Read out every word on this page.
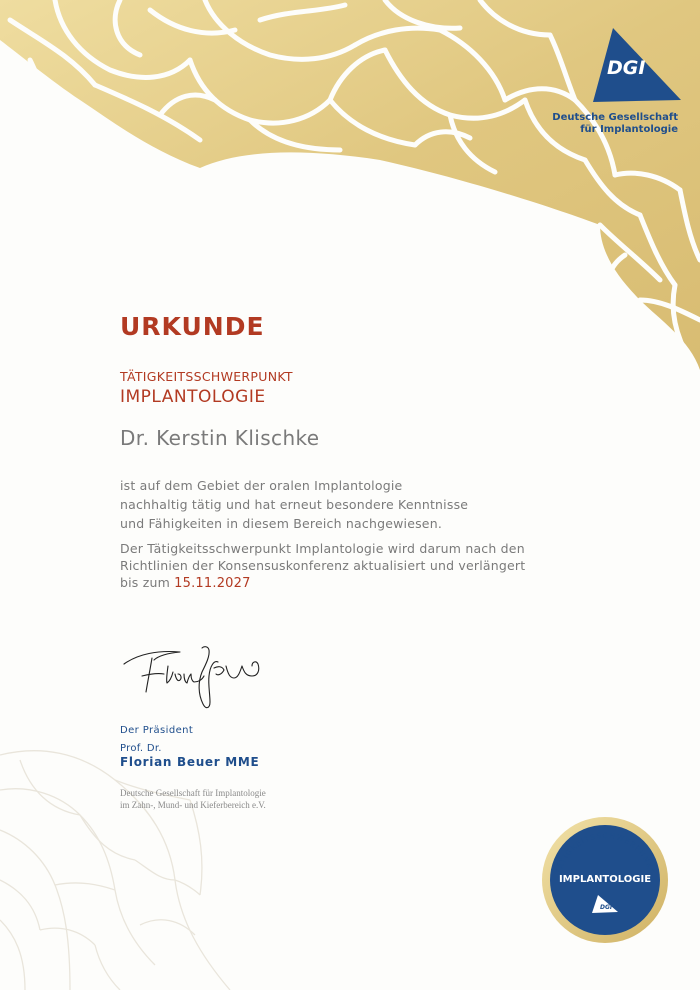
DGI
Deutsche Gesellschaft
für Implantologie
URKUNDE
TÄTIGKEITSSCHWERPUNKT
IMPLANTOLOGIE
Dr. Kerstin Klischke
ist auf dem Gebiet der oralen Implantologie
nachhaltig tätig und hat erneut besondere Kenntnisse
und Fähigkeiten in diesem Bereich nachgewiesen.
Der Tätigkeitsschwerpunkt Implantologie wird darum nach den
Richtlinien der Konsensuskonferenz aktualisiert und verlängert
bis zum 15.11.2027
Der Präsident
Prof. Dr.
Florian Beuer MME
Deutsche Gesellschaft für Implantologie
im Zahn-, Mund- und Kieferbereich e.V.
TÄTIGKEITSSCHWERPUNKT
IMPLANTOLOGIE
DGI
